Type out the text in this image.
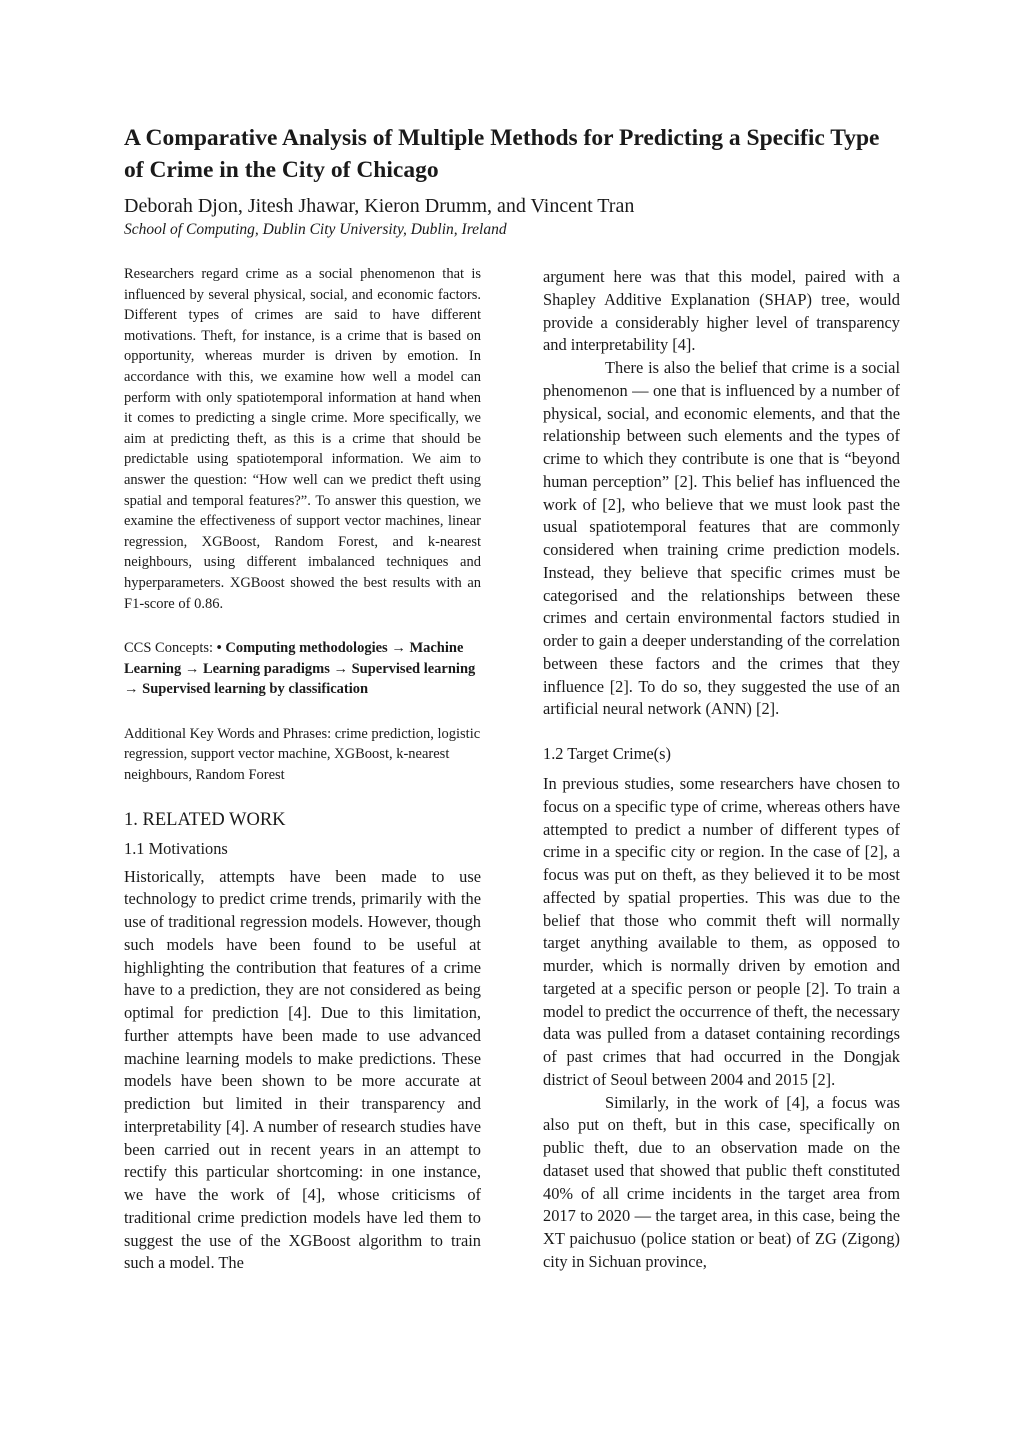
A Comparative Analysis of Multiple Methods for Predicting a Specific Type of Crime in the City of Chicago

Deborah Djon, Jitesh Jhawar, Kieron Drumm, and Vincent Tran

School of Computing, Dublin City University, Dublin, Ireland

Researchers regard crime as a social phenomenon that is influenced by several physical, social, and economic factors. Different types of crimes are said to have different motivations. Theft, for instance, is a crime that is based on opportunity, whereas murder is driven by emotion. In accordance with this, we examine how well a model can perform with only spatiotemporal information at hand when it comes to predicting a single crime. More specifically, we aim at predicting theft, as this is a crime that should be predictable using spatiotemporal information. We aim to answer the question: “How well can we predict theft using spatial and temporal features?”. To answer this question, we examine the effectiveness of support vector machines, linear regression, XGBoost, Random Forest, and k-nearest neighbours, using different imbalanced techniques and hyperparameters. XGBoost showed the best results with an F1-score of 0.86.

CCS Concepts: • Computing methodologies → Machine Learning → Learning paradigms → Supervised learning → Supervised learning by classification

Additional Key Words and Phrases: crime prediction, logistic regression, support vector machine, XGBoost, k-nearest neighbours, Random Forest

1. RELATED WORK
1.1 Motivations

Historically, attempts have been made to use technology to predict crime trends, primarily with the use of traditional regression models. However, though such models have been found to be useful at highlighting the contribution that features of a crime have to a prediction, they are not considered as being optimal for prediction [4]. Due to this limitation, further attempts have been made to use advanced machine learning models to make predictions. These models have been shown to be more accurate at prediction but limited in their transparency and interpretability [4]. A number of research studies have been carried out in recent years in an attempt to rectify this particular shortcoming: in one instance, we have the work of [4], whose criticisms of traditional crime prediction models have led them to suggest the use of the XGBoost algorithm to train such a model. The

argument here was that this model, paired with a Shapley Additive Explanation (SHAP) tree, would provide a considerably higher level of transparency and interpretability [4].

There is also the belief that crime is a social phenomenon — one that is influenced by a number of physical, social, and economic elements, and that the relationship between such elements and the types of crime to which they contribute is one that is “beyond human perception” [2]. This belief has influenced the work of [2], who believe that we must look past the usual spatiotemporal features that are commonly considered when training crime prediction models. Instead, they believe that specific crimes must be categorised and the relationships between these crimes and certain environmental factors studied in order to gain a deeper understanding of the correlation between these factors and the crimes that they influence [2]. To do so, they suggested the use of an artificial neural network (ANN) [2].

1.2 Target Crime(s)

In previous studies, some researchers have chosen to focus on a specific type of crime, whereas others have attempted to predict a number of different types of crime in a specific city or region. In the case of [2], a focus was put on theft, as they believed it to be most affected by spatial properties. This was due to the belief that those who commit theft will normally target anything available to them, as opposed to murder, which is normally driven by emotion and targeted at a specific person or people [2]. To train a model to predict the occurrence of theft, the necessary data was pulled from a dataset containing recordings of past crimes that had occurred in the Dongjak district of Seoul between 2004 and 2015 [2].

Similarly, in the work of [4], a focus was also put on theft, but in this case, specifically on public theft, due to an observation made on the dataset used that showed that public theft constituted 40% of all crime incidents in the target area from 2017 to 2020 — the target area, in this case, being the XT paichusuo (police station or beat) of ZG (Zigong) city in Sichuan province,
